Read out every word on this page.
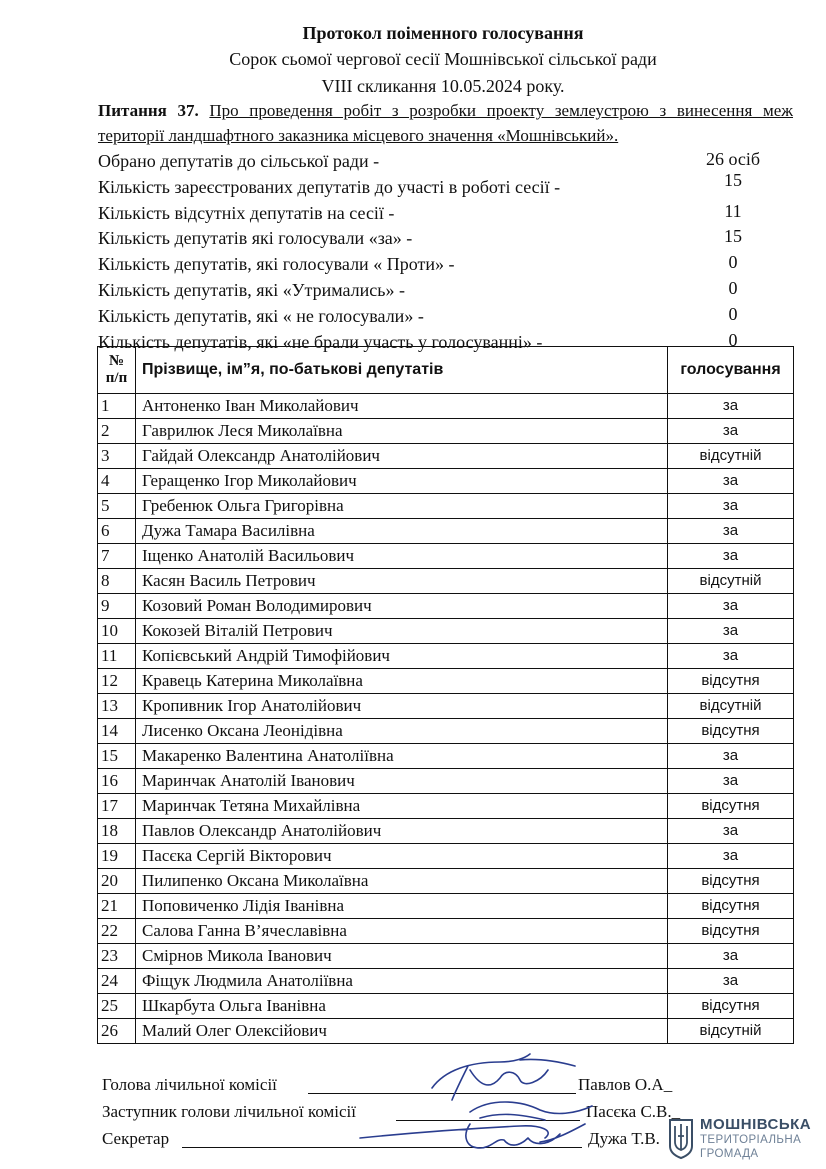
Протокол поіменного голосування
Сорок сьомої чергової сесії Мошнівської сільської ради
VIII скликання 10.05.2024 року.
Питання 37. Про проведення робіт з розробки проекту землеустрою з винесення меж території ландшафтного заказника місцевого значення «Мошнівський».
Обрано депутатів до сільської ради -	26 осіб
Кількість зареєстрованих депутатів до участі в роботі сесії -	15
Кількість відсутніх депутатів на сесії -	11
Кількість депутатів які голосували «за» -	15
Кількість депутатів, які голосували « Проти» -	0
Кількість депутатів, які «Утримались» -	0
Кількість депутатів, які « не голосували» -	0
Кількість депутатів, які «не брали участь у голосуванні» -	0
№
п/п	Прізвище, ім”я, по-батькові депутатів	голосування
1	Антоненко Іван Миколайович	за
2	Гаврилюк Леся Миколаївна	за
3	Гайдай Олександр Анатолійович	відсутній
4	Геращенко Ігор Миколайович	за
5	Гребенюк Ольга Григорівна	за
6	Дужа Тамара Василівна	за
7	Іщенко Анатолій Васильович	за
8	Касян Василь Петрович	відсутній
9	Козовий Роман Володимирович	за
10	Кокозей Віталій Петрович	за
11	Копієвський Андрій Тимофійович	за
12	Кравець Катерина Миколаївна	відсутня
13	Кропивник Ігор Анатолійович	відсутній
14	Лисенко Оксана Леонідівна	відсутня
15	Макаренко Валентина Анатоліївна	за
16	Маринчак Анатолій Іванович	за
17	Маринчак Тетяна Михайлівна	відсутня
18	Павлов Олександр Анатолійович	за
19	Пасєка Сергій Вікторович	за
20	Пилипенко Оксана Миколаївна	відсутня
21	Поповиченко Лідія Іванівна	відсутня
22	Салова Ганна В’ячеславівна	відсутня
23	Смірнов Микола Іванович	за
24	Фіщук Людмила Анатоліївна	за
25	Шкарбута Ольга Іванівна	відсутня
26	Малий Олег Олексійович	відсутній
Голова лічильної комісії	Павлов О.А_
Заступник голови лічильної комісії	Пасєка С.В._
Секретар	Дужа Т.В.
МОШНІВСЬКА
ТЕРИТОРІАЛЬНА
ГРОМАДА
